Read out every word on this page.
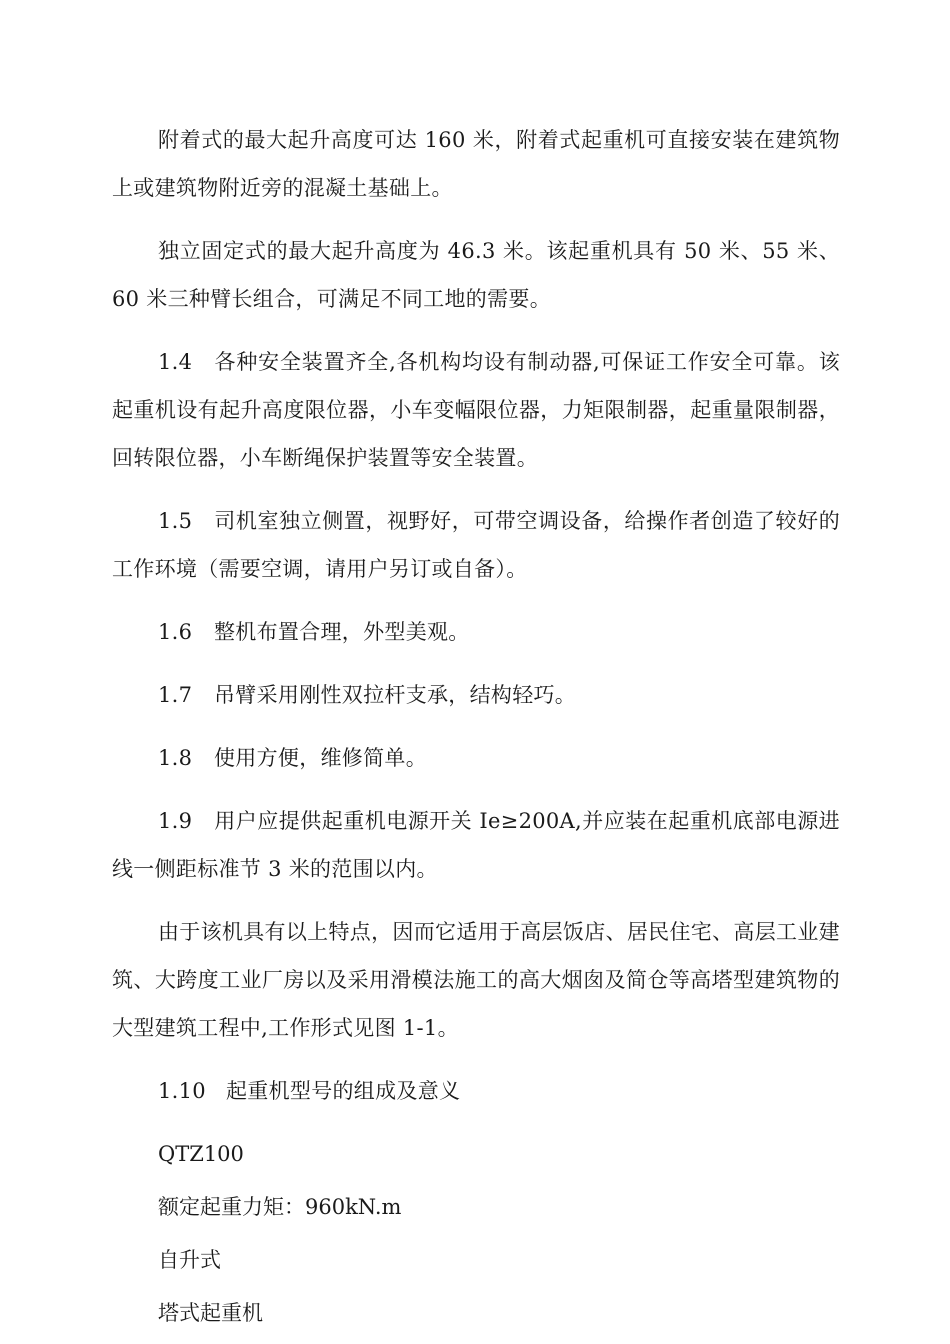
附着式的最大起升高度可达 160 米，附着式起重机可直接安装在建筑物上或建筑物附近旁的混凝土基础上。

独立固定式的最大起升高度为 46.3 米。该起重机具有 50 米、55 米、60 米三种臂长组合，可满足不同工地的需要。

1.4 各种安全装置齐全,各机构均设有制动器,可保证工作安全可靠。该起重机设有起升高度限位器，小车变幅限位器，力矩限制器，起重量限制器，回转限位器，小车断绳保护装置等安全装置。

1.5 司机室独立侧置，视野好，可带空调设备，给操作者创造了较好的工作环境（需要空调，请用户另订或自备）。

1.6 整机布置合理，外型美观。

1.7 吊臂采用刚性双拉杆支承，结构轻巧。

1.8 使用方便，维修简单。

1.9 用户应提供起重机电源开关 Ie≥200A,并应装在起重机底部电源进线一侧距标准节 3 米的范围以内。

由于该机具有以上特点，因而它适用于高层饭店、居民住宅、高层工业建筑、大跨度工业厂房以及采用滑模法施工的高大烟囱及简仓等高塔型建筑物的大型建筑工程中,工作形式见图 1-1。

1.10 起重机型号的组成及意义

QTZ100

额定起重力矩：960kN.m

自升式

塔式起重机
